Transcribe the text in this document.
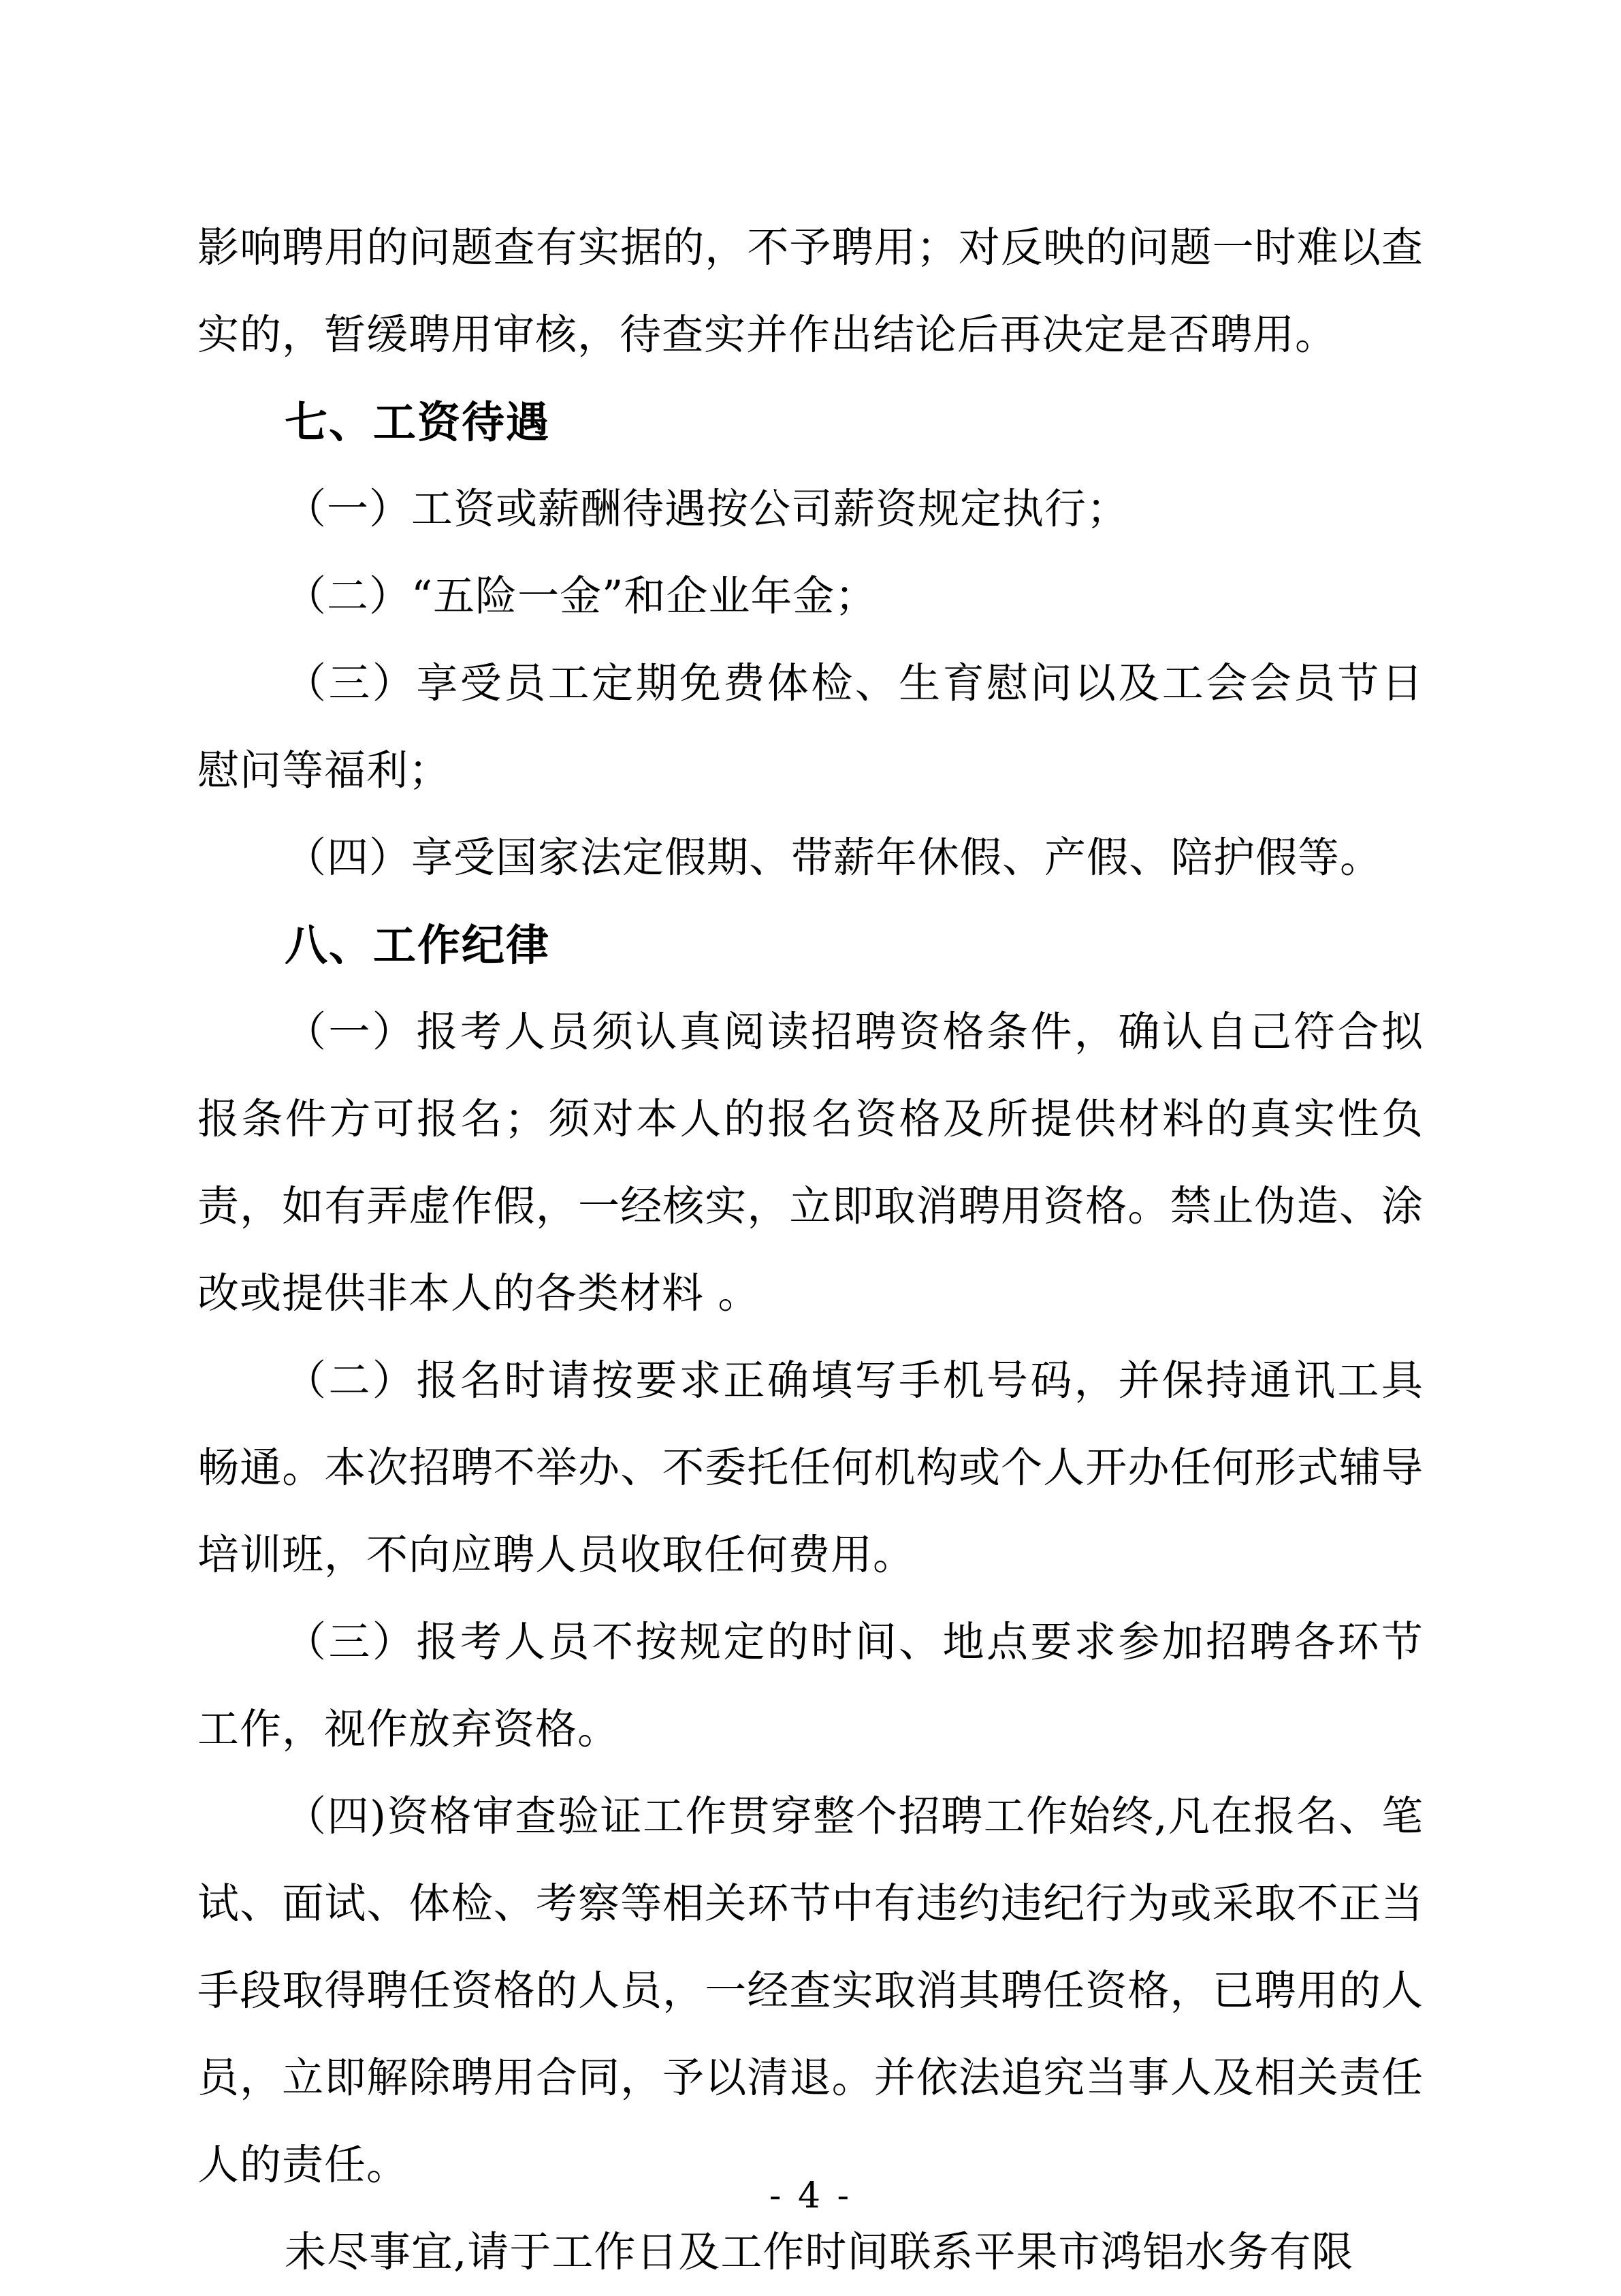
影响聘用的问题查有实据的，不予聘用；对反映的问题一时难以查实的，暂缓聘用审核，待查实并作出结论后再决定是否聘用。

七、工资待遇

（一）工资或薪酬待遇按公司薪资规定执行；

（二）“五险一金”和企业年金；

（三）享受员工定期免费体检、生育慰问以及工会会员节日慰问等福利；

（四）享受国家法定假期、带薪年休假、产假、陪护假等。

八、工作纪律

（一）报考人员须认真阅读招聘资格条件，确认自己符合拟报条件方可报名；须对本人的报名资格及所提供材料的真实性负责，如有弄虚作假，一经核实，立即取消聘用资格。禁止伪造、涂改或提供非本人的各类材料 。

（二）报名时请按要求正确填写手机号码，并保持通讯工具畅通。本次招聘不举办、不委托任何机构或个人开办任何形式辅导培训班，不向应聘人员收取任何费用。

（三）报考人员不按规定的时间、地点要求参加招聘各环节工作，视作放弃资格。

（四)资格审查验证工作贯穿整个招聘工作始终,凡在报名、笔试、面试、体检、考察等相关环节中有违约违纪行为或采取不正当手段取得聘任资格的人员，一经查实取消其聘任资格，已聘用的人员，立即解除聘用合同，予以清退。并依法追究当事人及相关责任人的责任。

未尽事宜,请于工作日及工作时间联系平果市鸿铝水务有限

- 4 -
